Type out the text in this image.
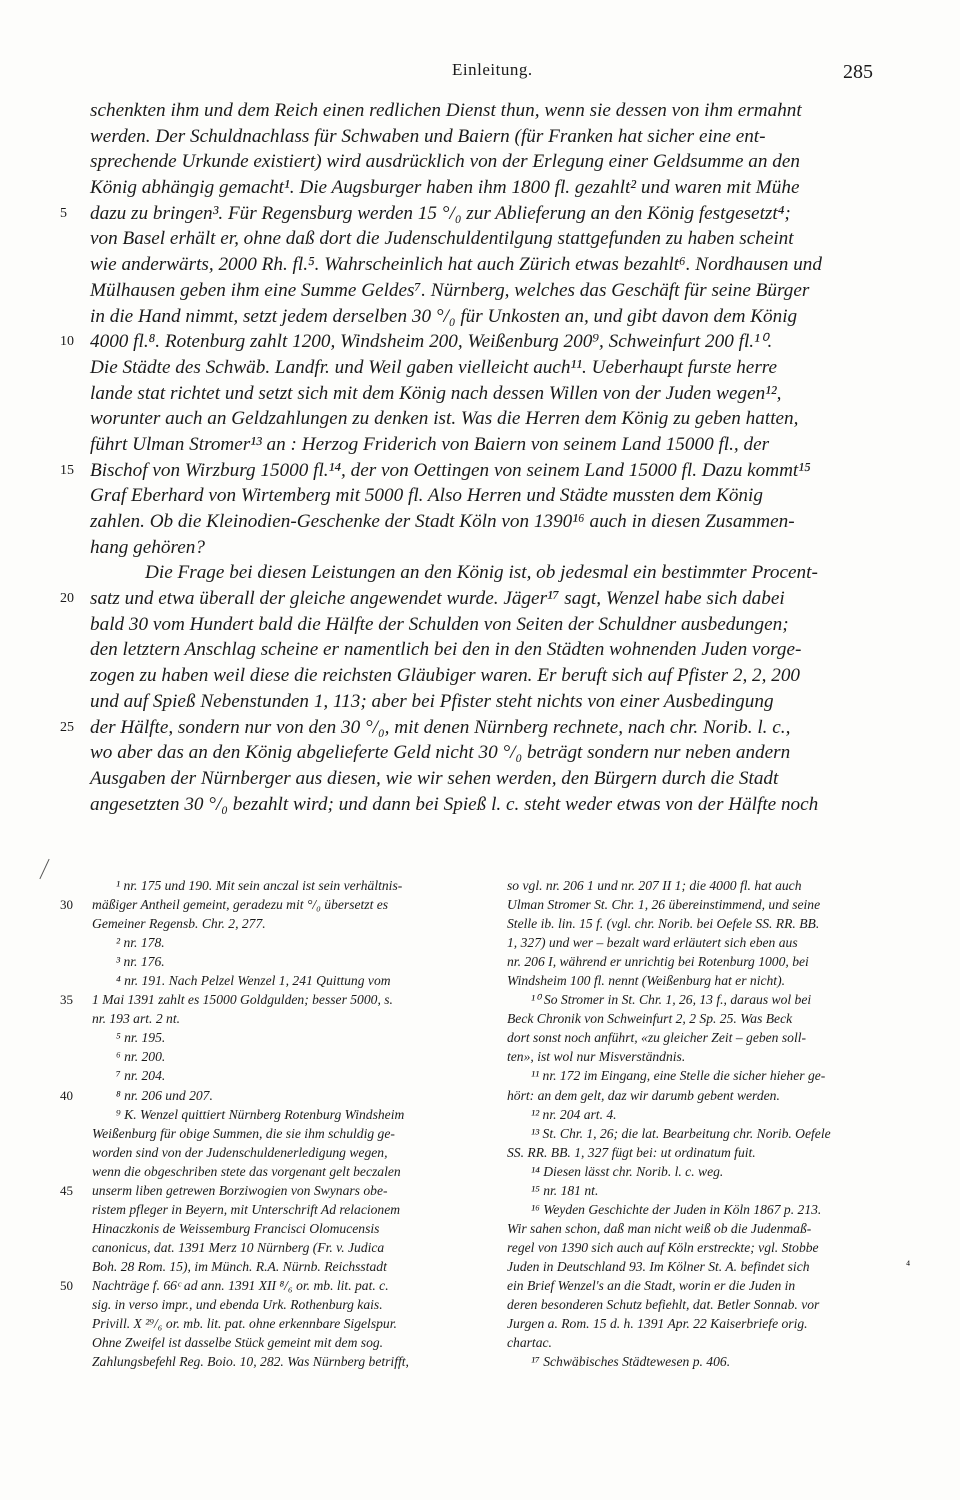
Einleitung.	285
schenkten ihm und dem Reich einen redlichen Dienst thun, wenn sie dessen von ihm ermahnt
werden. Der Schuldnachlass für Schwaben und Baiern (für Franken hat sicher eine ent-
sprechende Urkunde existiert) wird ausdrücklich von der Erlegung einer Geldsumme an den
König abhängig gemacht¹. Die Augsburger haben ihm 1800 fl. gezahlt² und waren mit Mühe
5 dazu zu bringen³. Für Regensburg werden 15 °/₀ zur Ablieferung an den König festgesetzt⁴;
von Basel erhält er, ohne daß dort die Judenschuldentilgung stattgefunden zu haben scheint
wie anderwärts, 2000 Rh. fl.⁵. Wahrscheinlich hat auch Zürich etwas bezahlt⁶. Nordhausen und
Mülhausen geben ihm eine Summe Geldes⁷. Nürnberg, welches das Geschäft für seine Bürger
in die Hand nimmt, setzt jedem derselben 30 °/₀ für Unkosten an, und gibt davon dem König
10 4000 fl.⁸. Rotenburg zahlt 1200, Windsheim 200, Weißenburg 200⁹, Schweinfurt 200 fl.¹⁰.
Die Städte des Schwäb. Landfr. und Weil gaben vielleicht auch¹¹. Ueberhaupt furste herre
lande stat richtet und setzt sich mit dem König nach dessen Willen von der Juden wegen¹²,
worunter auch an Geldzahlungen zu denken ist. Was die Herren dem König zu geben hatten,
führt Ulman Stromer¹³ an : Herzog Friderich von Baiern von seinem Land 15000 fl., der
15 Bischof von Wirzburg 15000 fl.¹⁴, der von Oettingen von seinem Land 15000 fl. Dazu kommt¹⁵
Graf Eberhard von Wirtemberg mit 5000 fl. Also Herren und Städte mussten dem König
zahlen. Ob die Kleinodien-Geschenke der Stadt Köln von 1390¹⁶ auch in diesen Zusammen-
hang gehören?
Die Frage bei diesen Leistungen an den König ist, ob jedesmal ein bestimmter Procent-
20 satz und etwa überall der gleiche angewendet wurde. Jäger¹⁷ sagt, Wenzel habe sich dabei
bald 30 vom Hundert bald die Hälfte der Schulden von Seiten der Schuldner ausbedungen;
den letztern Anschlag scheine er namentlich bei den in den Städten wohnenden Juden vorge-
zogen zu haben weil diese die reichsten Gläubiger waren. Er beruft sich auf Pfister 2, 2, 200
und auf Spieß Nebenstunden 1, 113; aber bei Pfister steht nichts von einer Ausbedingung
25 der Hälfte, sondern nur von den 30 °/₀, mit denen Nürnberg rechnete, nach chr. Norib. l. c.,
wo aber das an den König abgelieferte Geld nicht 30 °/₀ beträgt sondern nur neben andern
Ausgaben der Nürnberger aus diesen, wie wir sehen werden, den Bürgern durch die Stadt
angesetzten 30 °/₀ bezahlt wird; und dann bei Spieß l. c. steht weder etwas von der Hälfte noch
⁴
¹ nr. 175 und 190. Mit sein anczal ist sein verhältnis-
30 mäßiger Antheil gemeint, geradezu mit °/₀ übersetzt es
Gemeiner Regensb. Chr. 2, 277.
² nr. 178.
³ nr. 176.
⁴ nr. 191. Nach Pelzel Wenzel 1, 241 Quittung vom
35 1 Mai 1391 zahlt es 15000 Goldgulden; besser 5000, s.
nr. 193 art. 2 nt.
⁵ nr. 195.
⁶ nr. 200.
⁷ nr. 204.
40	⁸ nr. 206 und 207.
⁹ K. Wenzel quittiert Nürnberg Rotenburg Windsheim
Weißenburg für obige Summen, die sie ihm schuldig ge-
worden sind von der Judenschuldenerledigung wegen,
wenn die obgeschriben stete das vorgenant gelt beczalen
45 unserm liben getrewen Borziwogien von Swynars obe-
ristem pfleger in Beyern, mit Unterschrift Ad relacionem
Hinaczkonis de Weissemburg Francisci Olomucensis
canonicus, dat. 1391 Merz 10 Nürnberg (Fr. v. Judica
Boh. 28 Rom. 15), im Münch. R.A. Nürnb. Reichsstadt
50 Nachträge f. 66ᶜ ad ann. 1391 XII ⁸/₆ or. mb. lit. pat. c.
sig. in verso impr., und ebenda Urk. Rothenburg kais.
Privill. X ²⁹/₆ or. mb. lit. pat. ohne erkennbare Sigelspur.
Ohne Zweifel ist dasselbe Stück gemeint mit dem sog.
Zahlungsbefehl Reg. Boio. 10, 282. Was Nürnberg betrifft,
so vgl. nr. 206 1 und nr. 207 II 1; die 4000 fl. hat auch
Ulman Stromer St. Chr. 1, 26 übereinstimmend, und seine
Stelle ib. lin. 15 f. (vgl. chr. Norib. bei Oefele SS. RR. BB.
1, 327) und wer – bezalt ward erläutert sich eben aus
nr. 206 I, während er unrichtig bei Rotenburg 1000, bei
Windsheim 100 fl. nennt (Weißenburg hat er nicht).
¹⁰ So Stromer in St. Chr. 1, 26, 13 f., daraus wol bei
Beck Chronik von Schweinfurt 2, 2 Sp. 25. Was Beck
dort sonst noch anführt, «zu gleicher Zeit – geben soll-
ten», ist wol nur Misverständnis.
¹¹ nr. 172 im Eingang, eine Stelle die sicher hieher ge-
hört: an dem gelt, daz wir darumb gebent werden.
¹² nr. 204 art. 4.
¹³ St. Chr. 1, 26; die lat. Bearbeitung chr. Norib. Oefele
SS. RR. BB. 1, 327 fügt bei: ut ordinatum fuit.
¹⁴ Diesen lässt chr. Norib. l. c. weg.
¹⁵ nr. 181 nt.
¹⁶ Weyden Geschichte der Juden in Köln 1867 p. 213.
Wir sahen schon, daß man nicht weiß ob die Judenmaß-
regel von 1390 sich auch auf Köln erstreckte; vgl. Stobbe
Juden in Deutschland 93. Im Kölner St. A. befindet sich
ein Brief Wenzel's an die Stadt, worin er die Juden in
deren besonderen Schutz befiehlt, dat. Betler Sonnab. vor
Jurgen a. Rom. 15 d. h. 1391 Apr. 22 Kaiserbriefe orig.
chartac.
¹⁷ Schwäbisches Städtewesen p. 406.
